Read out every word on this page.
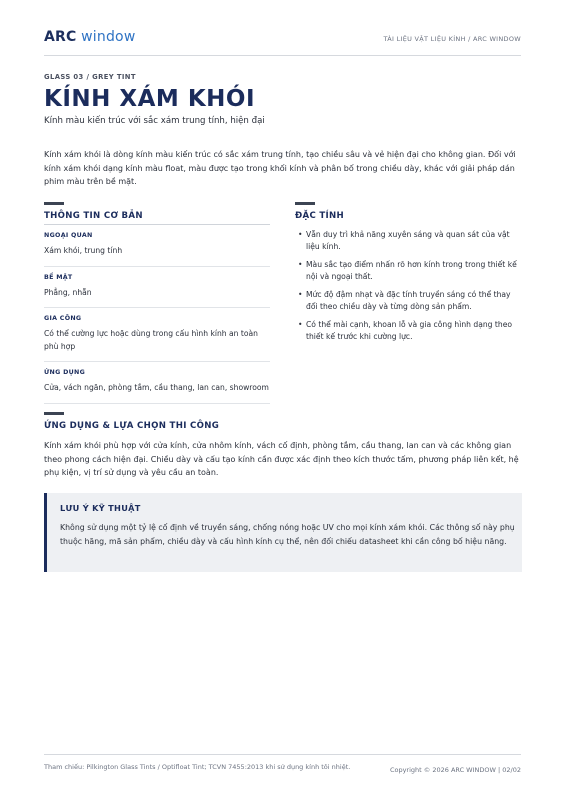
ARC window	TÀI LIỆU VẬT LIỆU KÍNH / ARC WINDOW
GLASS 03 / GREY TINT
KÍNH XÁM KHÓI
Kính màu kiến trúc với sắc xám trung tính, hiện đại

Kính xám khói là dòng kính màu kiến trúc có sắc xám trung tính, tạo chiều sâu và vẻ hiện đại cho không gian. Đối với kính xám khói dạng kính màu float, màu được tạo trong khối kính và phân bố trong chiều dày, khác với giải pháp dán phim màu trên bề mặt.

THÔNG TIN CƠ BẢN
NGOẠI QUAN
Xám khói, trung tính
BỀ MẶT
Phẳng, nhẵn
GIA CÔNG
Có thể cường lực hoặc dùng trong cấu hình kính an toàn phù hợp
ỨNG DỤNG
Cửa, vách ngăn, phòng tắm, cầu thang, lan can, showroom
ĐẶC TÍNH
• Vẫn duy trì khả năng xuyên sáng và quan sát của vật liệu kính.
• Màu sắc tạo điểm nhấn rõ hơn kính trong trong thiết kế nội và ngoại thất.
• Mức độ đậm nhạt và đặc tính truyền sáng có thể thay đổi theo chiều dày và từng dòng sản phẩm.
• Có thể mài cạnh, khoan lỗ và gia công hình dạng theo thiết kế trước khi cường lực.
ỨNG DỤNG & LỰA CHỌN THI CÔNG

Kính xám khói phù hợp với cửa kính, cửa nhôm kính, vách cố định, phòng tắm, cầu thang, lan can và các không gian theo phong cách hiện đại. Chiều dày và cấu tạo kính cần được xác định theo kích thước tấm, phương pháp liên kết, hệ phụ kiện, vị trí sử dụng và yêu cầu an toàn.

LƯU Ý KỸ THUẬT

Không sử dụng một tỷ lệ cố định về truyền sáng, chống nóng hoặc UV cho mọi kính xám khói. Các thông số này phụ thuộc hãng, mã sản phẩm, chiều dày và cấu hình kính cụ thể, nên đối chiếu datasheet khi cần công bố hiệu năng.

Tham chiếu: Pilkington Glass Tints / Optifloat Tint; TCVN 7455:2013 khi sử dụng kính tôi nhiệt.	Copyright © 2026 ARC WINDOW | 02/02
